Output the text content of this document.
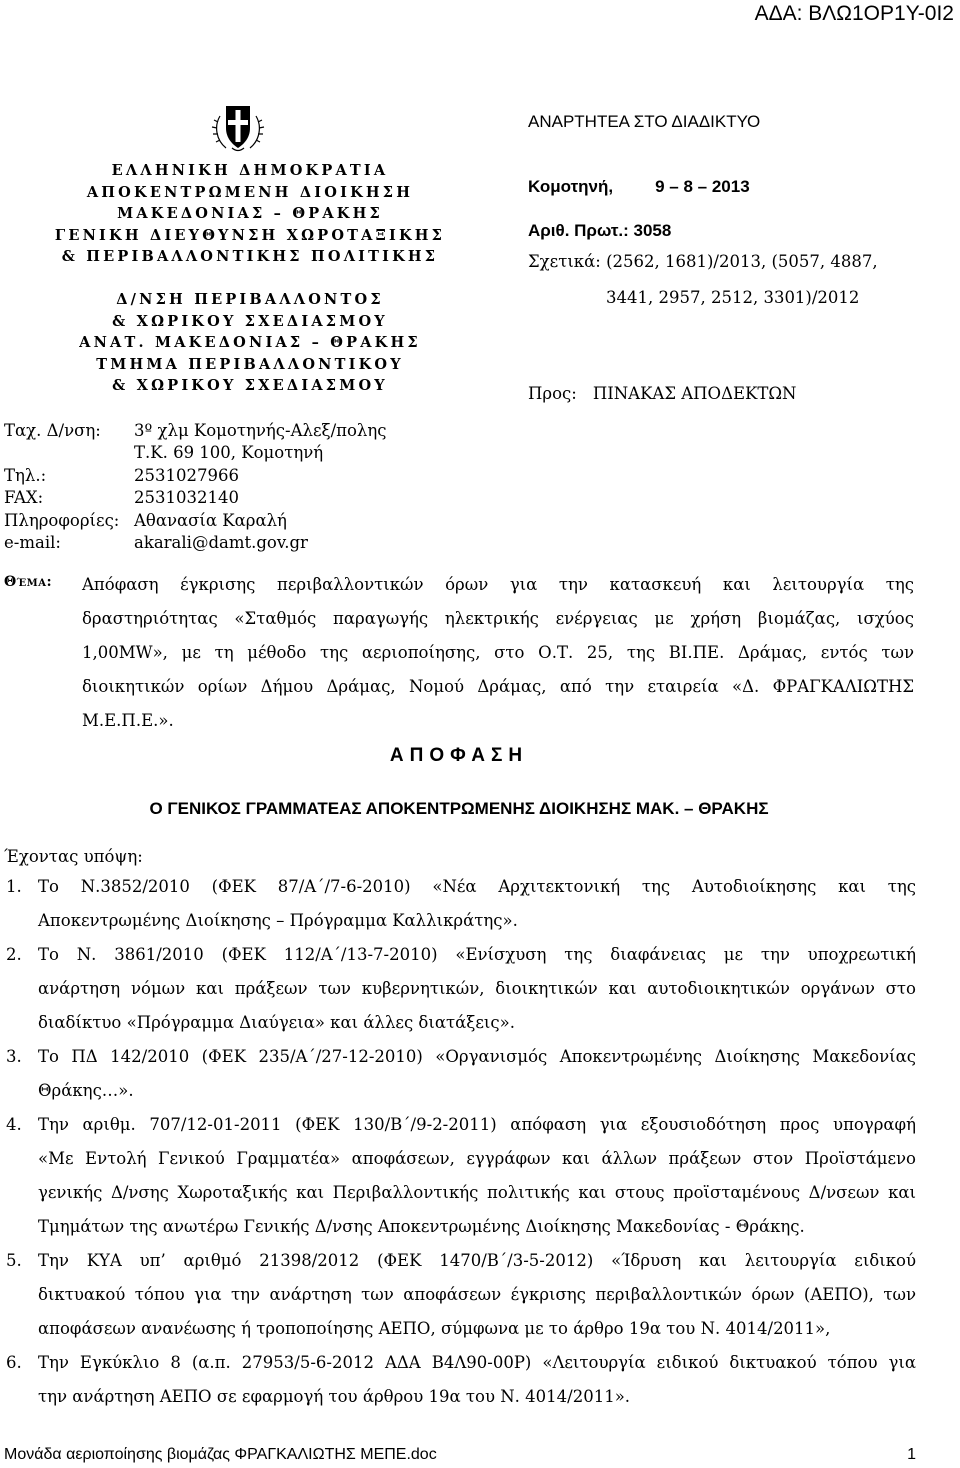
ΑΔΑ: ΒΛΩ1ΟΡ1Υ-0Ι2
ΕΛΛΗΝΙΚΗ ΔΗΜΟΚΡΑΤΙΑ
ΑΠΟΚΕΝΤΡΩΜΕΝΗ ΔΙΟΙΚΗΣΗ
ΜΑΚΕΔΟΝΙΑΣ – ΘΡΑΚΗΣ
ΓΕΝΙΚΗ ΔΙΕΥΘΥΝΣΗ ΧΩΡΟΤΑΞΙΚΗΣ
& ΠΕΡΙΒΑΛΛΟΝΤΙΚΗΣ ΠΟΛΙΤΙΚΗΣ
Δ/ΝΣΗ ΠΕΡΙΒΑΛΛΟΝΤΟΣ
& ΧΩΡΙΚΟΥ ΣΧΕΔΙΑΣΜΟΥ
ΑΝΑΤ. ΜΑΚΕΔΟΝΙΑΣ – ΘΡΑΚΗΣ
ΤΜΗΜΑ ΠΕΡΙΒΑΛΛΟΝΤΙΚΟΥ
& ΧΩΡΙΚΟΥ ΣΧΕΔΙΑΣΜΟΥ
Ταχ. Δ/νση: 3º χλμ Κομοτηνής-Αλεξ/πολης
Τ.Κ. 69 100, Κομοτηνή
Τηλ.:	2531027966
FAX:	2531032140
Πληροφορίες: Αθανασία Καραλή
e-mail:	akarali@damt.gov.gr
ΑΝΑΡΤΗΤΕΑ ΣΤΟ ΔΙΑΔΙΚΤΥΟ
Κομοτηνή, 9 – 8 – 2013
Αριθ. Πρωτ.: 3058
Σχετικά: (2562, 1681)/2013, (5057, 4887,
3441, 2957, 2512, 3301)/2012
Προς: ΠΙΝΑΚΑΣ ΑΠΟΔΕΚΤΩΝ
Θέμα: Απόφαση έγκρισης περιβαλλοντικών όρων για την κατασκευή και λειτουργία της
δραστηριότητας «Σταθμός παραγωγής ηλεκτρικής ενέργειας με χρήση βιομάζας, ισχύος
1,00MW», με τη μέθοδο της αεριοποίησης, στο Ο.Τ. 25, της ΒΙ.ΠΕ. Δράμας, εντός των
διοικητικών ορίων Δήμου Δράμας, Νομού Δράμας, από την εταιρεία «Δ. ΦΡΑΓΚΑΛΙΩΤΗΣ
Μ.Ε.Π.Ε.».
ΑΠΟΦΑΣΗ
Ο ΓΕΝΙΚΟΣ ΓΡΑΜΜΑΤΕΑΣ ΑΠΟΚΕΝΤΡΩΜΕΝΗΣ ΔΙΟΙΚΗΣΗΣ ΜΑΚ. – ΘΡΑΚΗΣ
Έχοντας υπόψη:
1. Το Ν.3852/2010 (ΦΕΚ 87/Α΄/7-6-2010) «Νέα Αρχιτεκτονική της Αυτοδιοίκησης και της
Αποκεντρωμένης Διοίκησης – Πρόγραμμα Καλλικράτης».
2. Το Ν. 3861/2010 (ΦΕΚ 112/Α΄/13-7-2010) «Ενίσχυση της διαφάνειας με την υποχρεωτική
ανάρτηση νόμων και πράξεων των κυβερνητικών, διοικητικών και αυτοδιοικητικών οργάνων στο
διαδίκτυο «Πρόγραμμα Διαύγεια» και άλλες διατάξεις».
3. Το ΠΔ 142/2010 (ΦΕΚ 235/Α΄/27-12-2010) «Οργανισμός Αποκεντρωμένης Διοίκησης Μακεδονίας
Θράκης…».
4. Την αριθμ. 707/12-01-2011 (ΦΕΚ 130/Β΄/9-2-2011) απόφαση για εξουσιοδότηση προς υπογραφή
«Με Εντολή Γενικού Γραμματέα» αποφάσεων, εγγράφων και άλλων πράξεων στον Προϊστάμενο
γενικής Δ/νσης Χωροταξικής και Περιβαλλοντικής πολιτικής και στους προϊσταμένους Δ/νσεων και
Τμημάτων της ανωτέρω Γενικής Δ/νσης Αποκεντρωμένης Διοίκησης Μακεδονίας - Θράκης.
5. Την ΚΥΑ υπ’ αριθμό 21398/2012 (ΦΕΚ 1470/Β΄/3-5-2012) «Ίδρυση και λειτουργία ειδικού
δικτυακού τόπου για την ανάρτηση των αποφάσεων έγκρισης περιβαλλοντικών όρων (ΑΕΠΟ), των
αποφάσεων ανανέωσης ή τροποποίησης ΑΕΠΟ, σύμφωνα με το άρθρο 19α του Ν. 4014/2011»,
6. Την Εγκύκλιο 8 (α.π. 27953/5-6-2012 ΑΔΑ Β4Λ90-00Ρ) «Λειτουργία ειδικού δικτυακού τόπου για
την ανάρτηση ΑΕΠΟ σε εφαρμογή του άρθρου 19α του Ν. 4014/2011».
Μονάδα αεριοποίησης βιομάζας ΦΡΑΓΚΑΛΙΩΤΗΣ ΜΕΠΕ.doc	1
